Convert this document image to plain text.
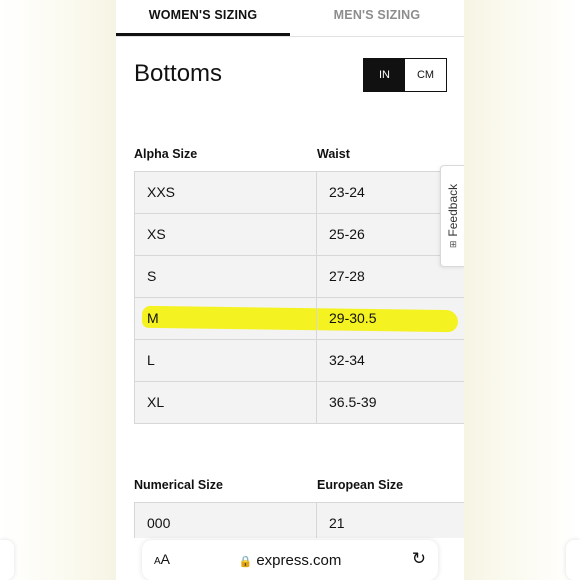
WOMEN'S SIZING	MEN'S SIZING
Bottoms	IN	CM
Alpha Size	Waist
XXS	23-24
XS	25-26
S	27-28
M	29-30.5
L	32-34
XL	36.5-39
Numerical Size	European Size
000	21
⊞
Feedback
AA	🔒 express.com	↻
